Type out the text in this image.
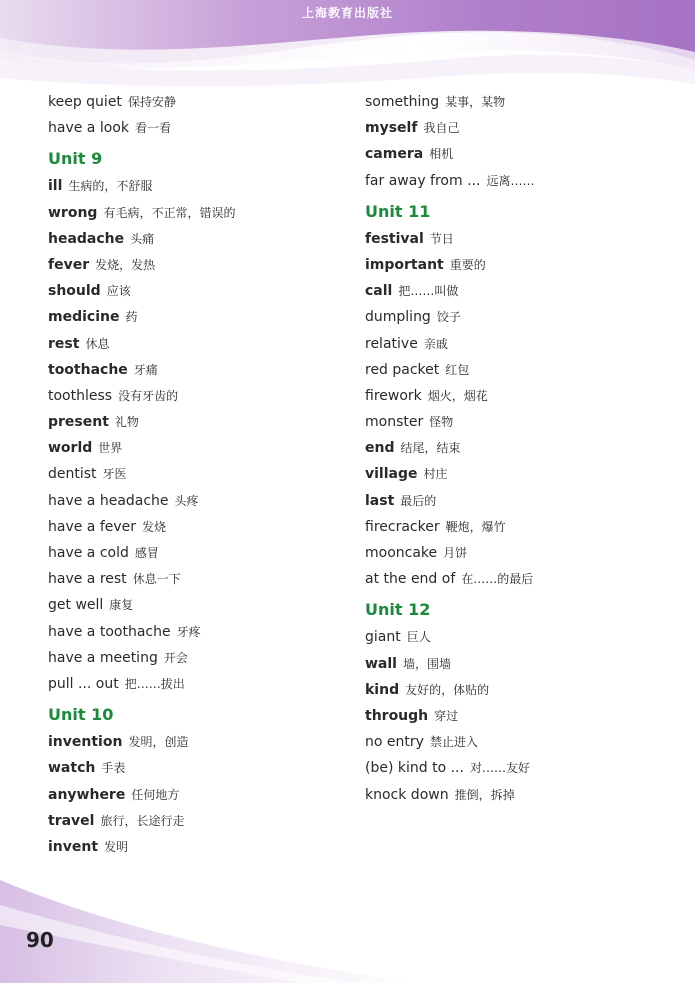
上海教育出版社
keep quiet 保持安静
have a look 看一看
Unit 9
ill 生病的，不舒服
wrong 有毛病，不正常，错误的
headache 头痛
fever 发烧，发热
should 应该
medicine 药
rest 休息
toothache 牙痛
toothless 没有牙齿的
present 礼物
world 世界
dentist 牙医
have a headache 头疼
have a fever 发烧
have a cold 感冒
have a rest 休息一下
get well 康复
have a toothache 牙疼
have a meeting 开会
pull ... out 把……拔出
Unit 10
invention 发明，创造
watch 手表
anywhere 任何地方
travel 旅行，长途行走
invent 发明
something 某事，某物
myself 我自己
camera 相机
far away from ... 远离……
Unit 11
festival 节日
important 重要的
call 把……叫做
dumpling 饺子
relative 亲戚
red packet 红包
firework 烟火，烟花
monster 怪物
end 结尾，结束
village 村庄
last 最后的
firecracker 鞭炮，爆竹
mooncake 月饼
at the end of 在……的最后
Unit 12
giant 巨人
wall 墙，围墙
kind 友好的，体贴的
through 穿过
no entry 禁止进入
(be) kind to ... 对……友好
knock down 推倒，拆掉
90
